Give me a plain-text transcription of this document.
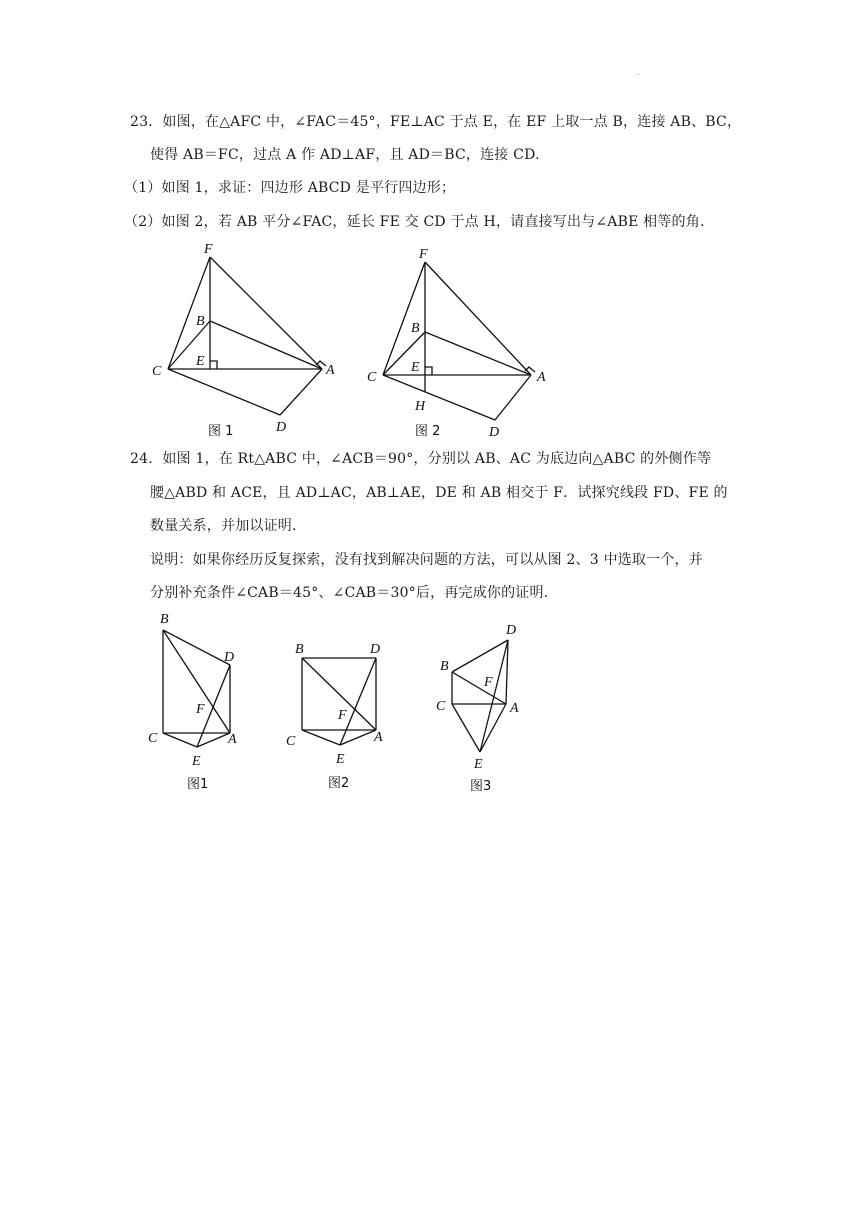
.
23．如图，在△AFC 中，∠FAC＝45°，FE⊥AC 于点 E，在 EF 上取一点 B，连接 AB、BC，
使得 AB＝FC，过点 A 作 AD⊥AF，且 AD＝BC，连接 CD.
（1）如图 1，求证：四边形 ABCD 是平行四边形；
（2）如图 2，若 AB 平分∠FAC，延长 FE 交 CD 于点 H，请直接写出与∠ABE 相等的角.
F
B
E
C	A
D
图 1
F
B
E
C	A
H
D
图 2
24．如图 1，在 Rt△ABC 中，∠ACB＝90°，分别以 AB、AC 为底边向△ABC 的外侧作等
腰△ABD 和 ACE，且 AD⊥AC，AB⊥AE，DE 和 AB 相交于 F．试探究线段 FD、FE 的
数量关系，并加以证明．
说明：如果你经历反复探索，没有找到解决问题的方法，可以从图 2、3 中选取一个，并
分别补充条件∠CAB＝45°、∠CAB＝30°后，再完成你的证明．
B
D
F
C	A
E
图1
B	D
F
C	A
E
图2
D
B
F
C	A
E
图3
